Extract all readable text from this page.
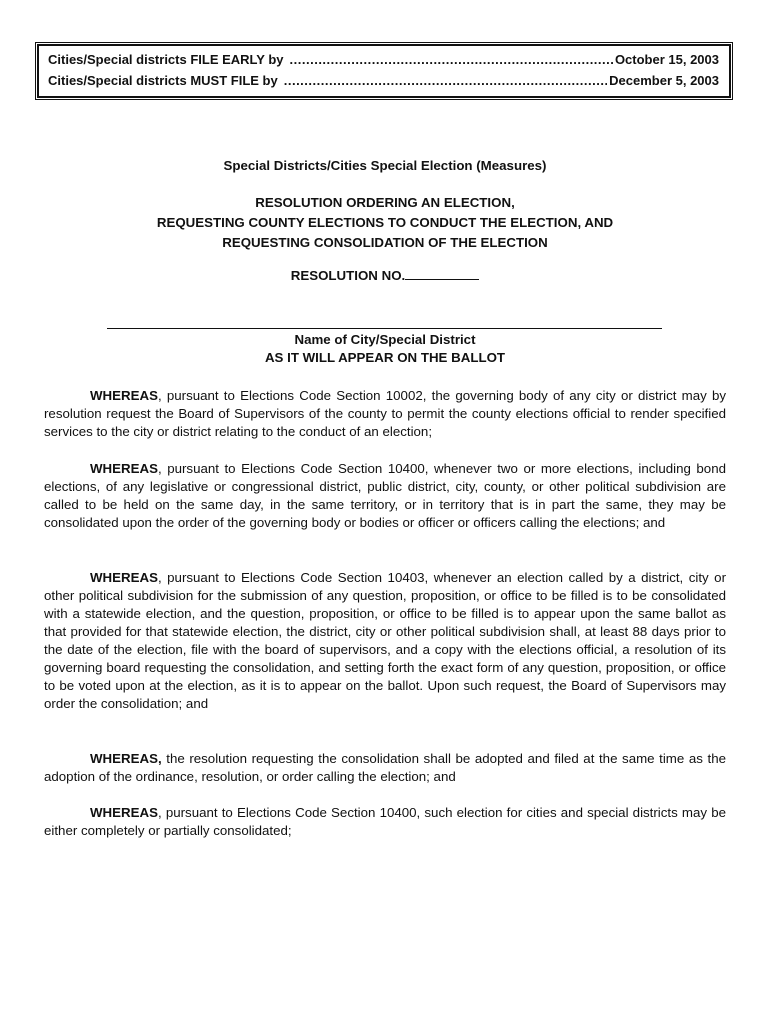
Cities/Special districts FILE EARLY by .....	October 15, 2003
Cities/Special districts MUST FILE by .....	December 5, 2003
Special Districts/Cities Special Election (Measures)
RESOLUTION ORDERING AN ELECTION,
REQUESTING COUNTY ELECTIONS TO CONDUCT THE ELECTION, AND
REQUESTING CONSOLIDATION OF THE ELECTION
RESOLUTION NO.
Name of City/Special District
AS IT WILL APPEAR ON THE BALLOT
WHEREAS, pursuant to Elections Code Section 10002, the governing body of any city or district may by resolution request the Board of Supervisors of the county to permit the county elections official to render specified services to the city or district relating to the conduct of an election;
WHEREAS, pursuant to Elections Code Section 10400, whenever two or more elections, including bond elections, of any legislative or congressional district, public district, city, county, or other political subdivision are called to be held on the same day, in the same territory, or in territory that is in part the same, they may be consolidated upon the order of the governing body or bodies or officer or officers calling the elections; and
WHEREAS, pursuant to Elections Code Section 10403, whenever an election called by a district, city or other political subdivision for the submission of any question, proposition, or office to be filled is to be consolidated with a statewide election, and the question, proposition, or office to be filled is to appear upon the same ballot as that provided for that statewide election, the district, city or other political subdivision shall, at least 88 days prior to the date of the election, file with the board of supervisors, and a copy with the elections official, a resolution of its governing board requesting the consolidation, and setting forth the exact form of any question, proposition, or office to be voted upon at the election, as it is to appear on the ballot. Upon such request, the Board of Supervisors may order the consolidation; and
WHEREAS, the resolution requesting the consolidation shall be adopted and filed at the same time as the adoption of the ordinance, resolution, or order calling the election; and
WHEREAS, pursuant to Elections Code Section 10400, such election for cities and special districts may be either completely or partially consolidated;
